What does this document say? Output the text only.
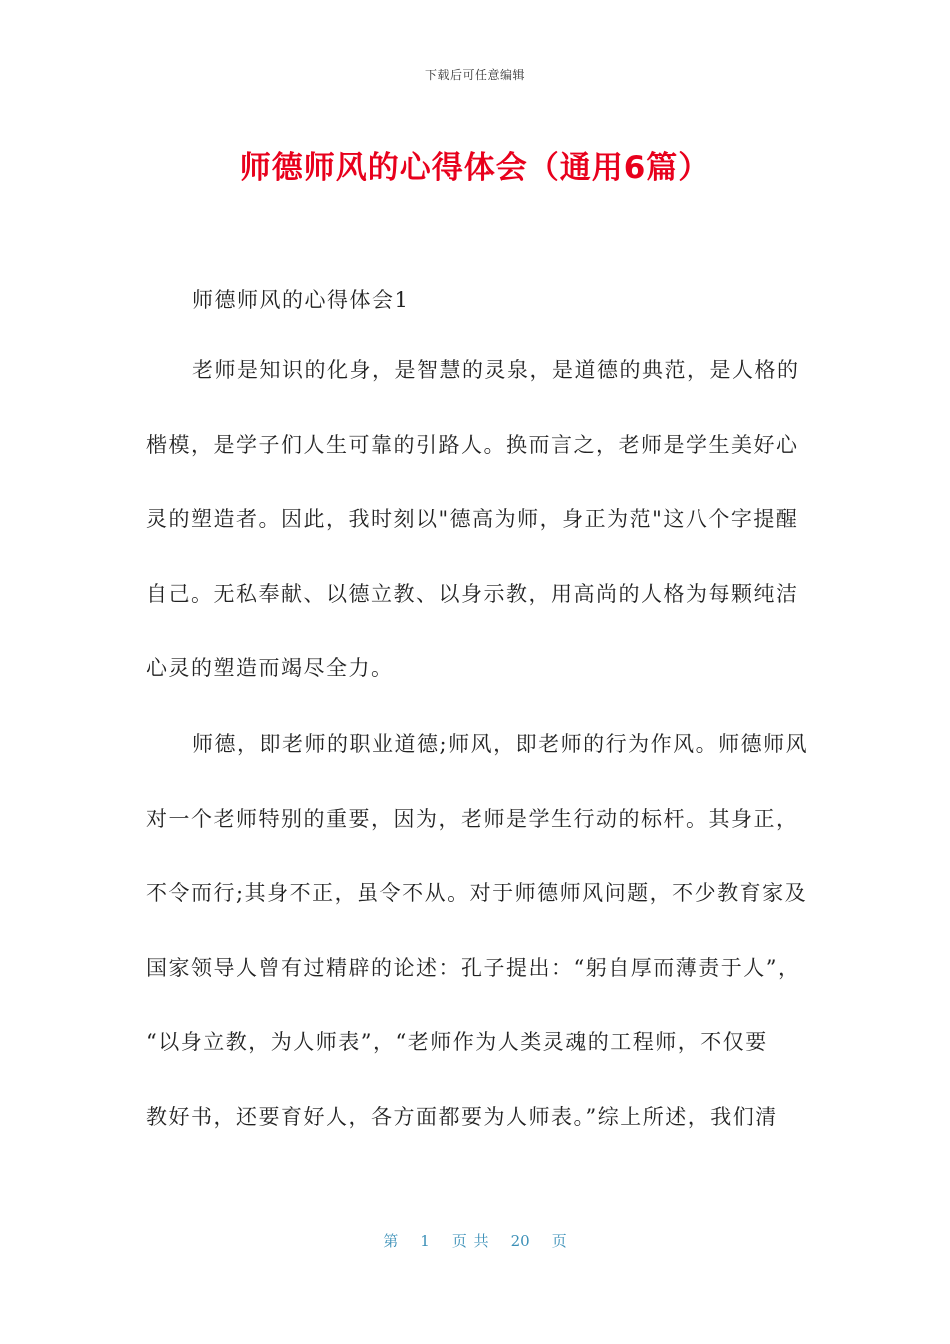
下载后可任意编辑
师德师风的心得体会（通用6篇）
师德师风的心得体会1
老师是知识的化身，是智慧的灵泉，是道德的典范，是人格的
楷模，是学子们人生可靠的引路人。换而言之，老师是学生美好心
灵的塑造者。因此，我时刻以"德高为师，身正为范"这八个字提醒
自己。无私奉献、以德立教、以身示教，用高尚的人格为每颗纯洁
心灵的塑造而竭尽全力。
师德，即老师的职业道德;师风，即老师的行为作风。师德师风
对一个老师特别的重要，因为，老师是学生行动的标杆。其身正，
不令而行;其身不正，虽令不从。对于师德师风问题，不少教育家及
国家领导人曾有过精辟的论述：孔子提出：“躬自厚而薄责于人”，
“以身立教，为人师表”，“老师作为人类灵魂的工程师，不仅要
教好书，还要育好人，各方面都要为人师表。”综上所述，我们清
第 1 页 共 20 页
